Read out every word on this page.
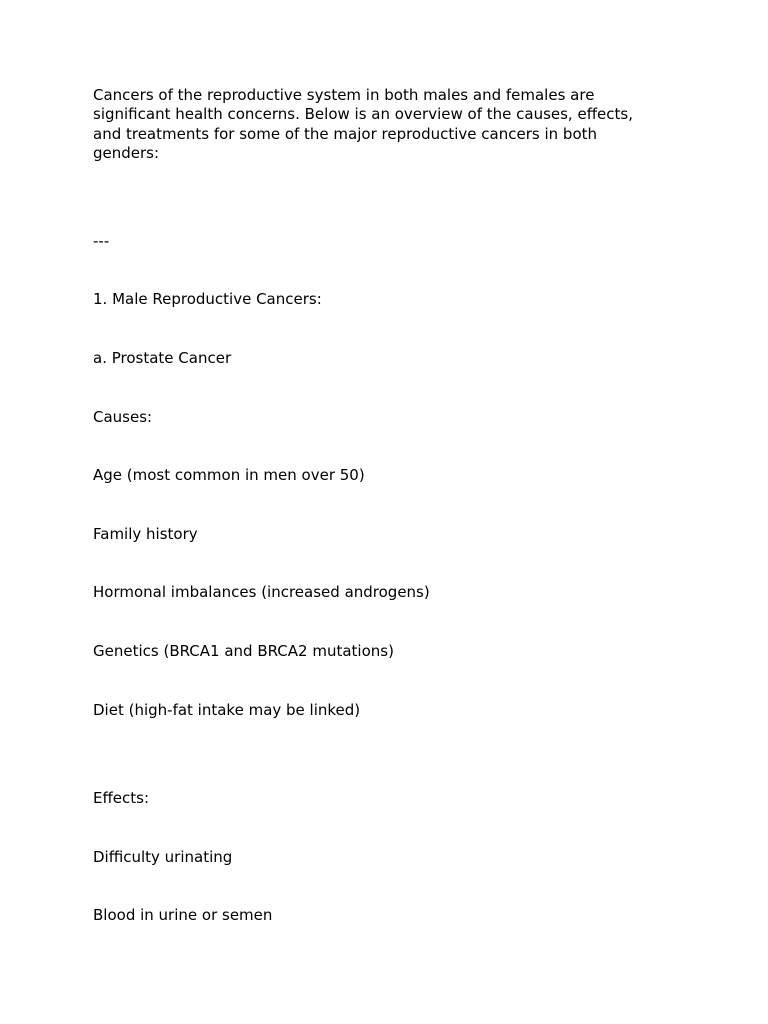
Cancers of the reproductive system in both males and females are significant health concerns. Below is an overview of the causes, effects, and treatments for some of the major reproductive cancers in both genders:

---

1. Male Reproductive Cancers:

a. Prostate Cancer

Causes:

Age (most common in men over 50)

Family history

Hormonal imbalances (increased androgens)

Genetics (BRCA1 and BRCA2 mutations)

Diet (high-fat intake may be linked)

Effects:

Difficulty urinating

Blood in urine or semen
